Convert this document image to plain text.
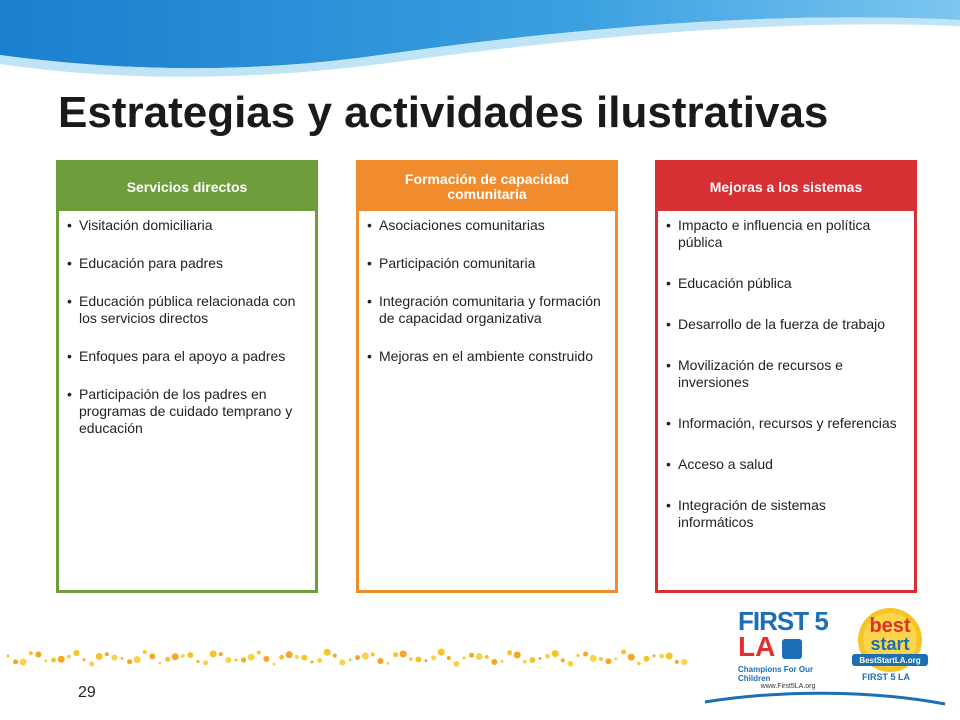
Estrategias y actividades ilustrativas
Servicios directos
• Visitación domiciliaria
• Educación para padres
• Educación pública relacionada con los servicios directos
• Enfoques para el apoyo a padres
• Participación de los padres en programas de cuidado temprano y educación
Formación de capacidad comunitaria
• Asociaciones comunitarias
• Participación comunitaria
• Integración comunitaria y formación de capacidad organizativa
• Mejoras en el ambiente construido
Mejoras a los sistemas
• Impacto e influencia en política pública
• Educación pública
• Desarrollo de la fuerza de trabajo
• Movilización de recursos e inversiones
• Información, recursos y referencias
• Acceso a salud
• Integración de sistemas informáticos
29
FIRST 5
LA
Champions For Our Children
www.First5LA.org
best
start
BestStartLA.org
FIRST 5 LA
